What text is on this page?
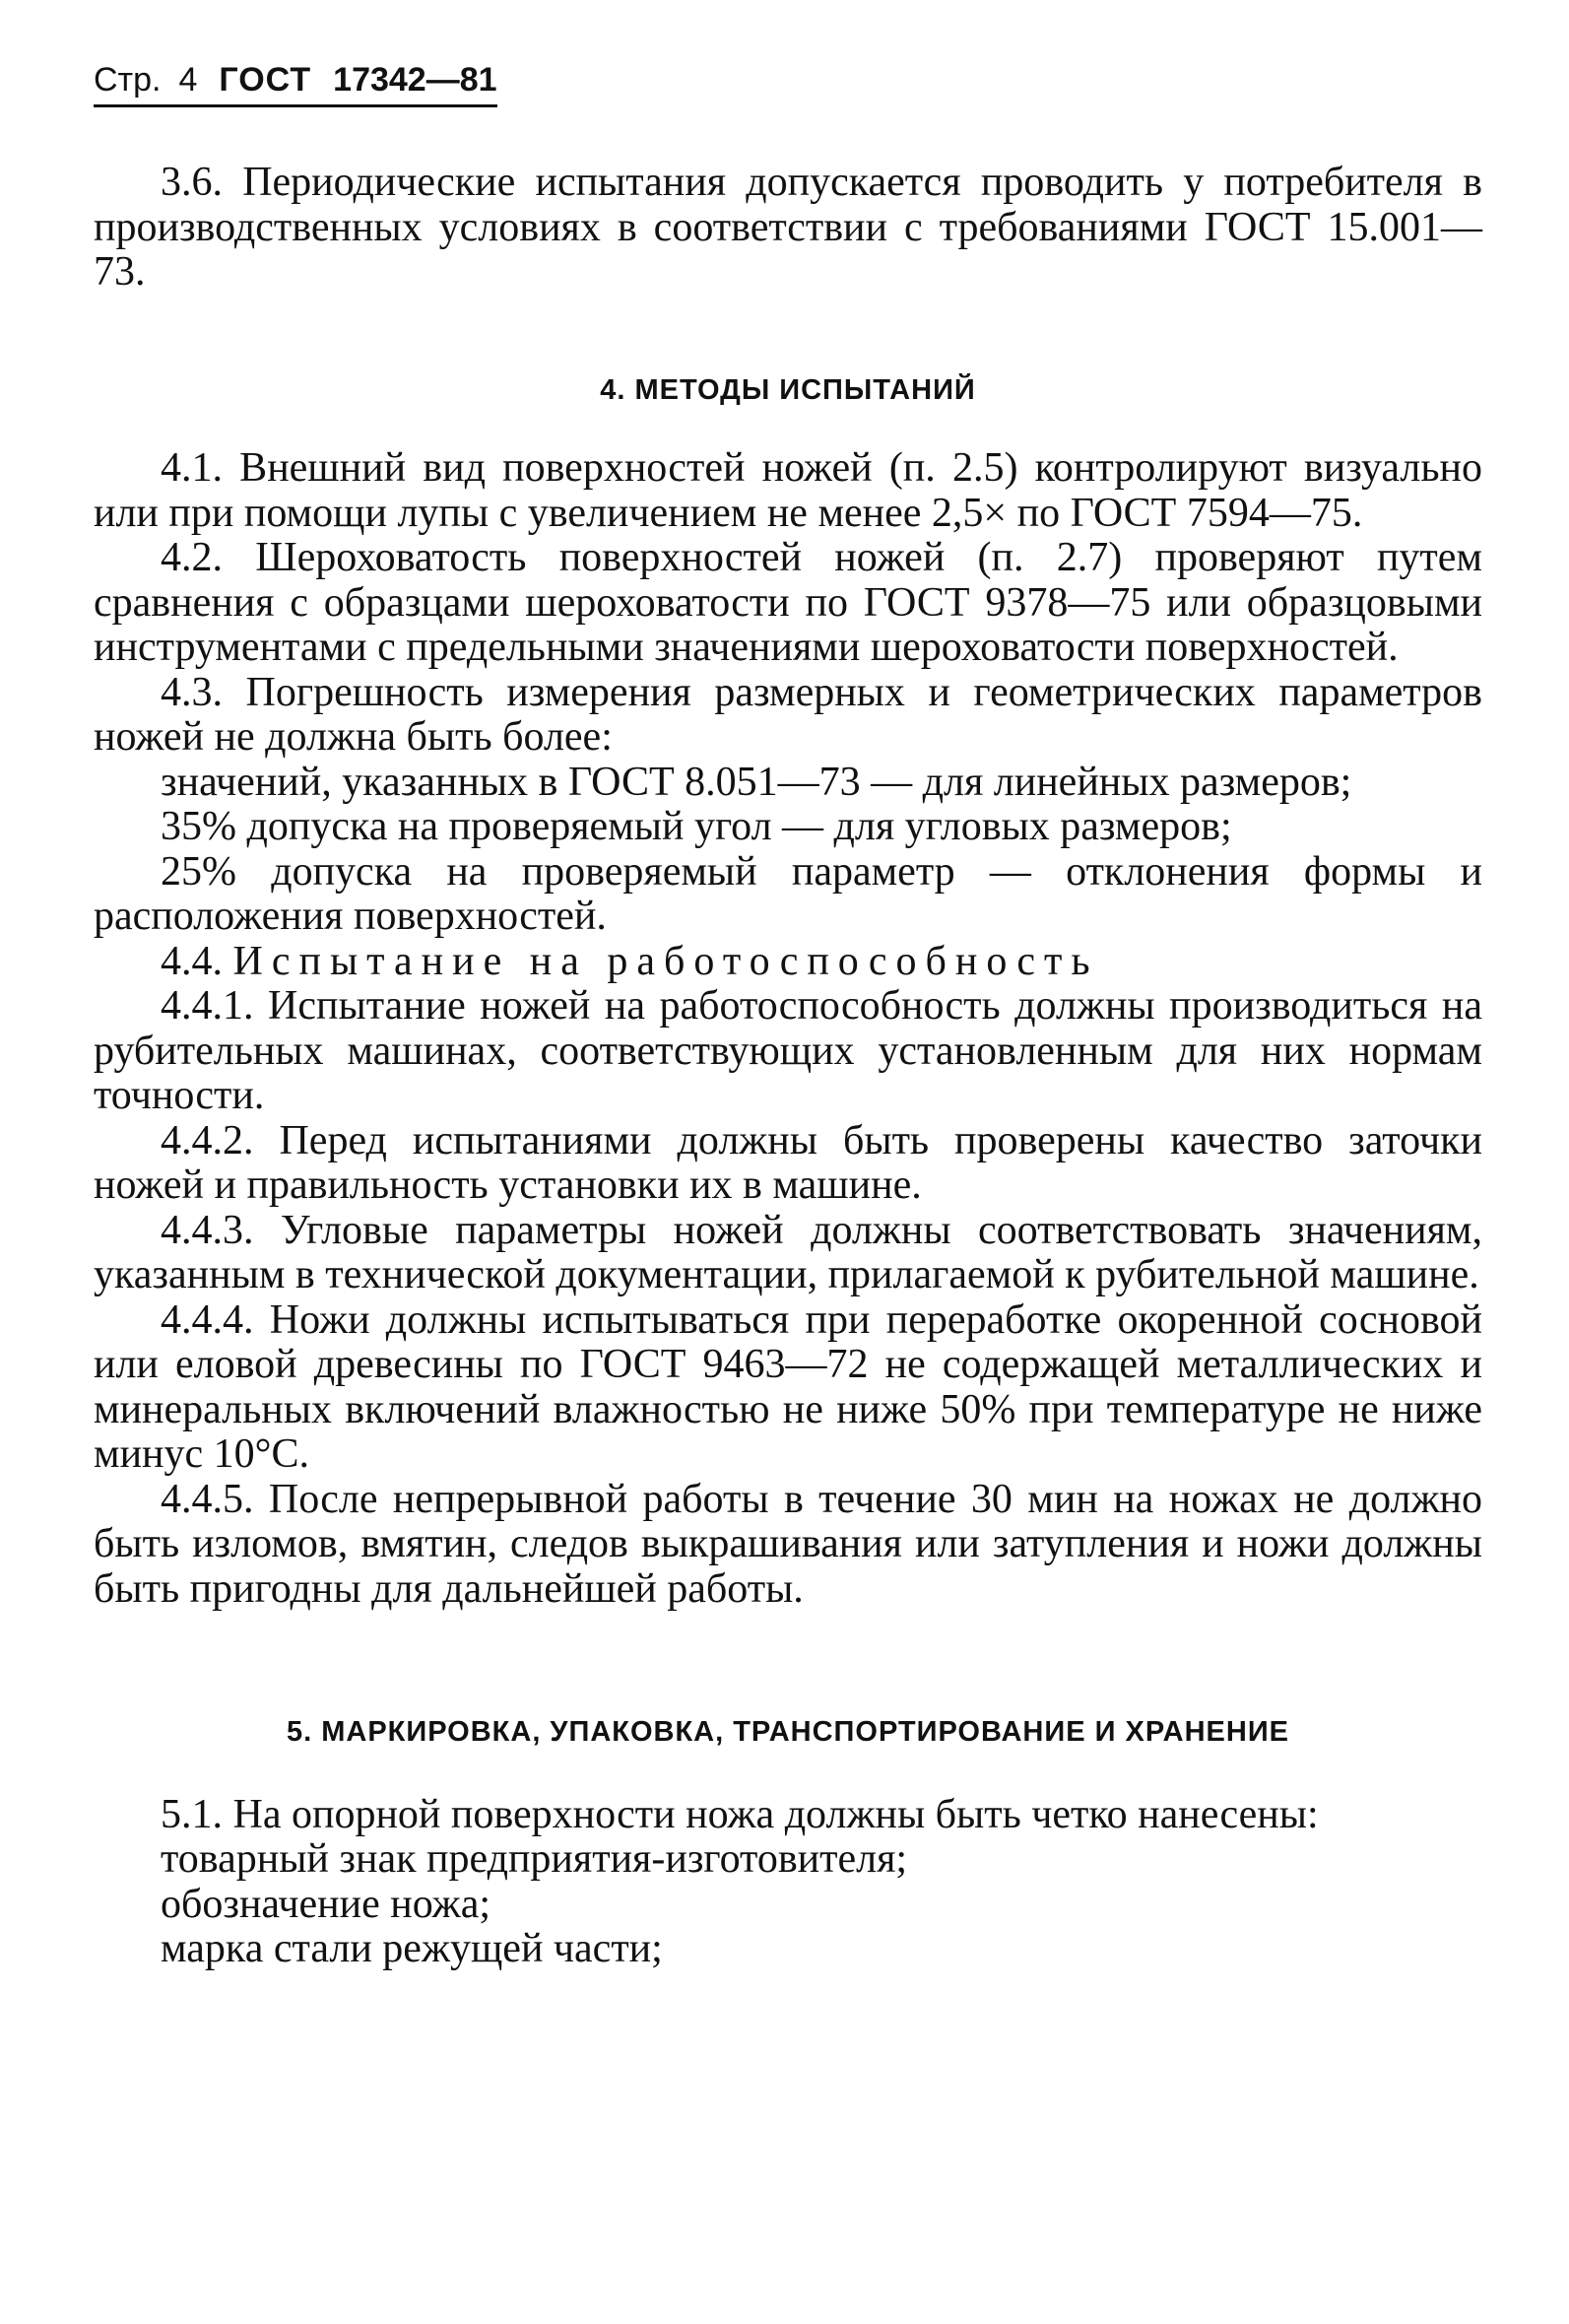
Стр. 4 ГОСТ 17342—81

3.6. Периодические испытания допускается проводить у потребителя в производственных условиях в соответствии с требованиями ГОСТ 15.001—73.

4. МЕТОДЫ ИСПЫТАНИЙ

4.1. Внешний вид поверхностей ножей (п. 2.5) контролируют визуально или при помощи лупы с увеличением не менее 2,5× по ГОСТ 7594—75.

4.2. Шероховатость поверхностей ножей (п. 2.7) проверяют путем сравнения с образцами шероховатости по ГОСТ 9378—75 или образцовыми инструментами с предельными значениями шероховатости поверхностей.

4.3. Погрешность измерения размерных и геометрических параметров ножей не должна быть более:

значений, указанных в ГОСТ 8.051—73 — для линейных размеров;

35% допуска на проверяемый угол — для угловых размеров;

25% допуска на проверяемый параметр — отклонения формы и расположения поверхностей.

4.4. Испытание на работоспособность

4.4.1. Испытание ножей на работоспособность должны производиться на рубительных машинах, соответствующих установленным для них нормам точности.

4.4.2. Перед испытаниями должны быть проверены качество заточки ножей и правильность установки их в машине.

4.4.3. Угловые параметры ножей должны соответствовать значениям, указанным в технической документации, прилагаемой к рубительной машине.

4.4.4. Ножи должны испытываться при переработке окоренной сосновой или еловой древесины по ГОСТ 9463—72 не содержащей металлических и минеральных включений влажностью не ниже 50% при температуре не ниже минус 10°С.

4.4.5. После непрерывной работы в течение 30 мин на ножах не должно быть изломов, вмятин, следов выкрашивания или затупления и ножи должны быть пригодны для дальнейшей работы.

5. МАРКИРОВКА, УПАКОВКА, ТРАНСПОРТИРОВАНИЕ И ХРАНЕНИЕ

5.1. На опорной поверхности ножа должны быть четко нанесены:

товарный знак предприятия-изготовителя;

обозначение ножа;

марка стали режущей части;
